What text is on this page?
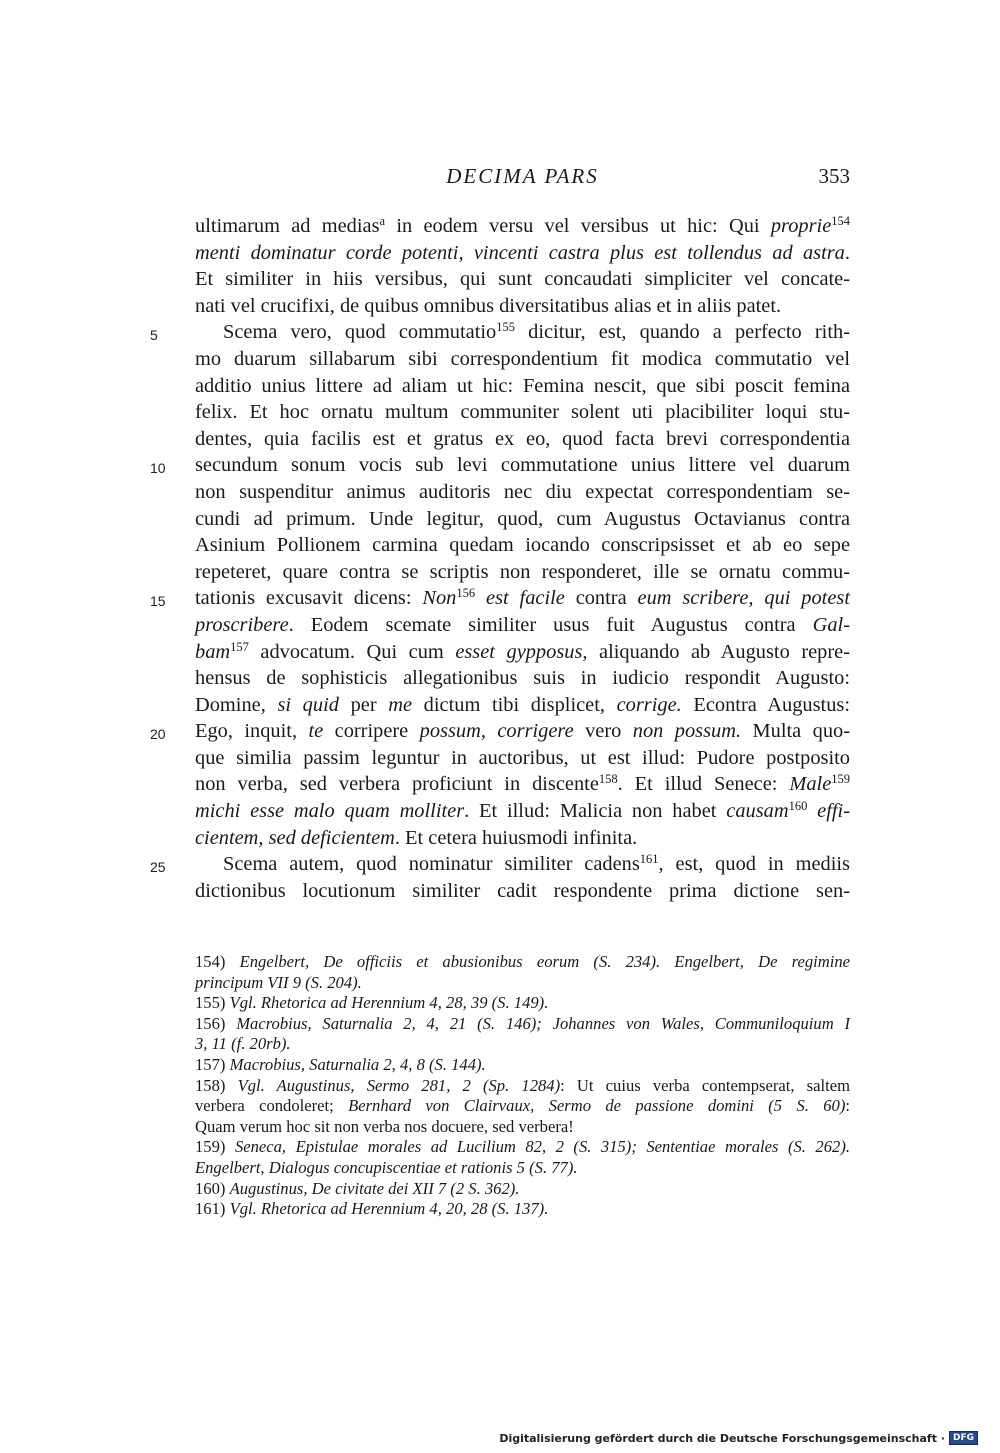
DECIMA PARS	353
ultimarum ad medias$^a$ in eodem versu vel versibus ut hic: Qui proprie$^{154}$
menti dominatur corde potenti, vincenti castra plus est tollendus ad astra.
Et similiter in hiis versibus, qui sunt concaudati simpliciter vel concate-
nati vel crucifixi, de quibus omnibus diversitatibus alias et in aliis patet.
5	Scema vero, quod commutatio$^{155}$ dicitur, est, quando a perfecto rith-
mo duarum sillabarum sibi correspondentium fit modica commutatio vel
additio unius littere ad aliam ut hic: Femina nescit, que sibi poscit femina
felix. Et hoc ornatu multum communiter solent uti placibiliter loqui stu-
dentes, quia facilis est et gratus ex eo, quod facta brevi correspondentia
10 secundum sonum vocis sub levi commutatione unius littere vel duarum
non suspenditur animus auditoris nec diu expectat correspondentiam se-
cundi ad primum. Unde legitur, quod, cum Augustus Octavianus contra
Asinium Pollionem carmina quedam iocando conscripsisset et ab eo sepe
repeteret, quare contra se scriptis non responderet, ille se ornatu commu-
15 tationis excusavit dicens: Non$^{156}$ est facile contra eum scribere, qui potest
proscribere. Eodem scemate similiter usus fuit Augustus contra Gal-
bam$^{157}$ advocatum. Qui cum esset gypposus, aliquando ab Augusto repre-
hensus de sophisticis allegationibus suis in iudicio respondit Augusto:
Domine, si quid per me dictum tibi displicet, corrige. Econtra Augustus:
20 Ego, inquit, te corripere possum, corrigere vero non possum. Multa quo-
que similia passim leguntur in auctoribus, ut est illud: Pudore postposito
non verba, sed verbera proficiunt in discente$^{158}$. Et illud Senece: Male$^{159}$
michi esse malo quam molliter. Et illud: Malicia non habet causam$^{160}$ effi-
cientem, sed deficientem. Et cetera huiusmodi infinita.
25	Scema autem, quod nominatur similiter cadens$^{161}$, est, quod in mediis
dictionibus locutionum similiter cadit respondente prima dictione sen-
154) Engelbert, De officiis et abusionibus eorum (S. 234). Engelbert, De regimine
principum VII 9 (S. 204).
155) Vgl. Rhetorica ad Herennium 4, 28, 39 (S. 149).
156) Macrobius, Saturnalia 2, 4, 21 (S. 146); Johannes von Wales, Communiloquium I
3, 11 (f. 20rb).
157) Macrobius, Saturnalia 2, 4, 8 (S. 144).
158) Vgl. Augustinus, Sermo 281, 2 (Sp. 1284): Ut cuius verba contempserat, saltem
verbera condoleret; Bernhard von Clairvaux, Sermo de passione domini (5 S. 60):
Quam verum hoc sit non verba nos docuere, sed verbera!
159) Seneca, Epistulae morales ad Lucilium 82, 2 (S. 315); Sententiae morales (S. 262).
Engelbert, Dialogus concupiscentiae et rationis 5 (S. 77).
160) Augustinus, De civitate dei XII 7 (2 S. 362).
161) Vgl. Rhetorica ad Herennium 4, 20, 28 (S. 137).
Digitalisierung gefördert durch die Deutsche Forschungsgemeinschaft · DFG
